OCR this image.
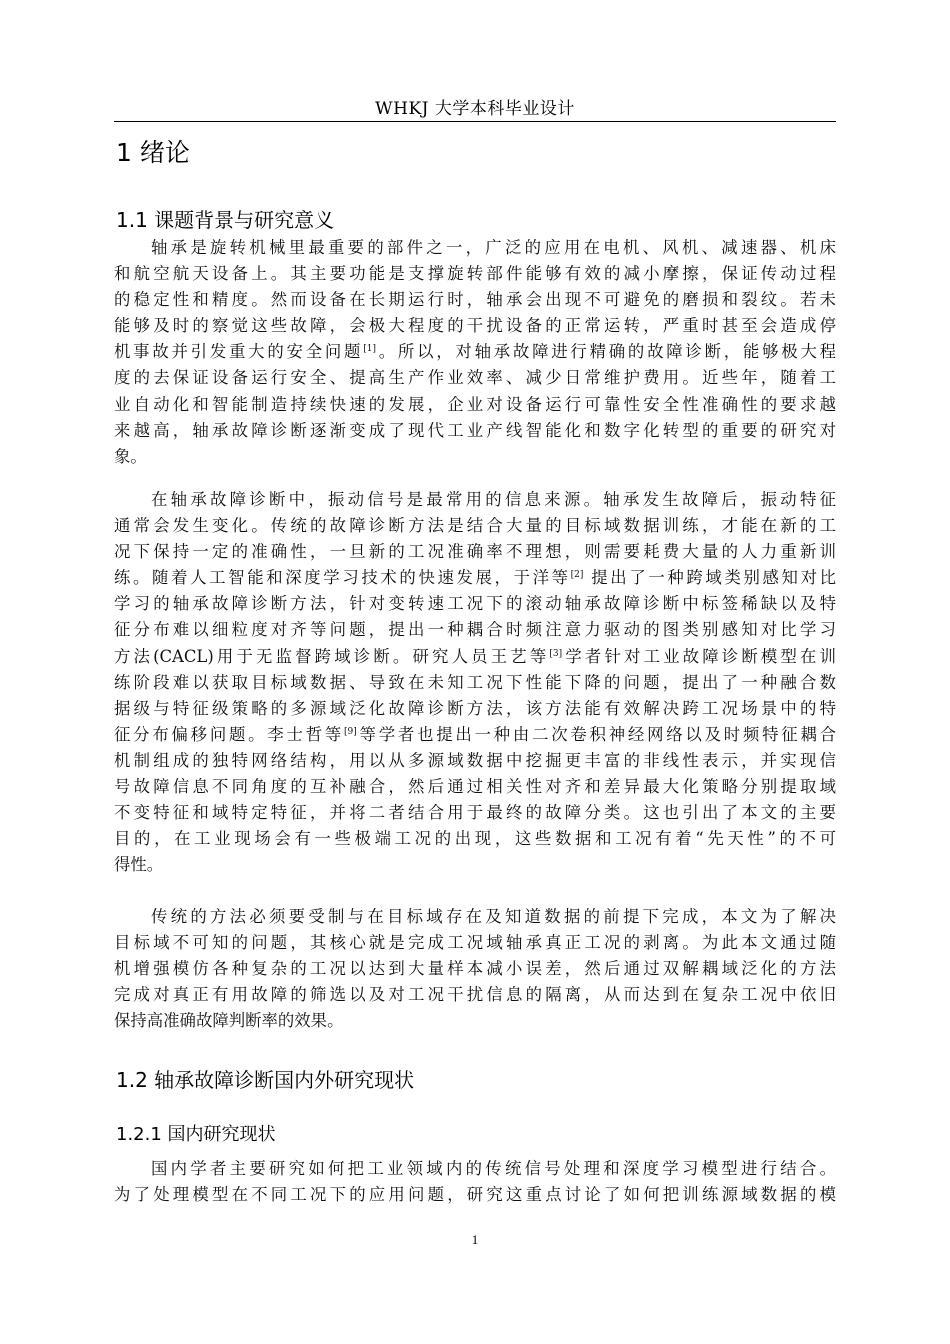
WHKJ 大学本科毕业设计
1 绪论
1.1 课题背景与研究意义
轴承是旋转机械里最重要的部件之一，广泛的应用在电机、风机、减速器、机床
和航空航天设备上。其主要功能是支撑旋转部件能够有效的减小摩擦，保证传动过程
的稳定性和精度。然而设备在长期运行时，轴承会出现不可避免的磨损和裂纹。若未
能够及时的察觉这些故障，会极大程度的干扰设备的正常运转，严重时甚至会造成停
机事故并引发重大的安全问题[1]。所以，对轴承故障进行精确的故障诊断，能够极大程
度的去保证设备运行安全、提高生产作业效率、减少日常维护费用。近些年，随着工
业自动化和智能制造持续快速的发展，企业对设备运行可靠性安全性准确性的要求越
来越高，轴承故障诊断逐渐变成了现代工业产线智能化和数字化转型的重要的研究对
象。
在轴承故障诊断中，振动信号是最常用的信息来源。轴承发生故障后，振动特征
通常会发生变化。传统的故障诊断方法是结合大量的目标域数据训练，才能在新的工
况下保持一定的准确性，一旦新的工况准确率不理想，则需要耗费大量的人力重新训
练。随着人工智能和深度学习技术的快速发展，于洋等[2] 提出了一种跨域类别感知对比
学习的轴承故障诊断方法，针对变转速工况下的滚动轴承故障诊断中标签稀缺以及特
征分布难以细粒度对齐等问题，提出一种耦合时频注意力驱动的图类别感知对比学习
方法(CACL)用于无监督跨域诊断。研究人员王艺等[3]学者针对工业故障诊断模型在训
练阶段难以获取目标域数据、导致在未知工况下性能下降的问题，提出了一种融合数
据级与特征级策略的多源域泛化故障诊断方法，该方法能有效解决跨工况场景中的特
征分布偏移问题。李士哲等[9]等学者也提出一种由二次卷积神经网络以及时频特征耦合
机制组成的独特网络结构，用以从多源域数据中挖掘更丰富的非线性表示，并实现信
号故障信息不同角度的互补融合，然后通过相关性对齐和差异最大化策略分别提取域
不变特征和域特定特征，并将二者结合用于最终的故障分类。这也引出了本文的主要
目的，在工业现场会有一些极端工况的出现，这些数据和工况有着“先天性”的不可
得性。
传统的方法必须要受制与在目标域存在及知道数据的前提下完成，本文为了解决
目标域不可知的问题，其核心就是完成工况域轴承真正工况的剥离。为此本文通过随
机增强模仿各种复杂的工况以达到大量样本减小误差，然后通过双解耦域泛化的方法
完成对真正有用故障的筛选以及对工况干扰信息的隔离，从而达到在复杂工况中依旧
保持高准确故障判断率的效果。
1.2 轴承故障诊断国内外研究现状
1.2.1 国内研究现状
国内学者主要研究如何把工业领域内的传统信号处理和深度学习模型进行结合。
为了处理模型在不同工况下的应用问题，研究这重点讨论了如何把训练源域数据的模
1
